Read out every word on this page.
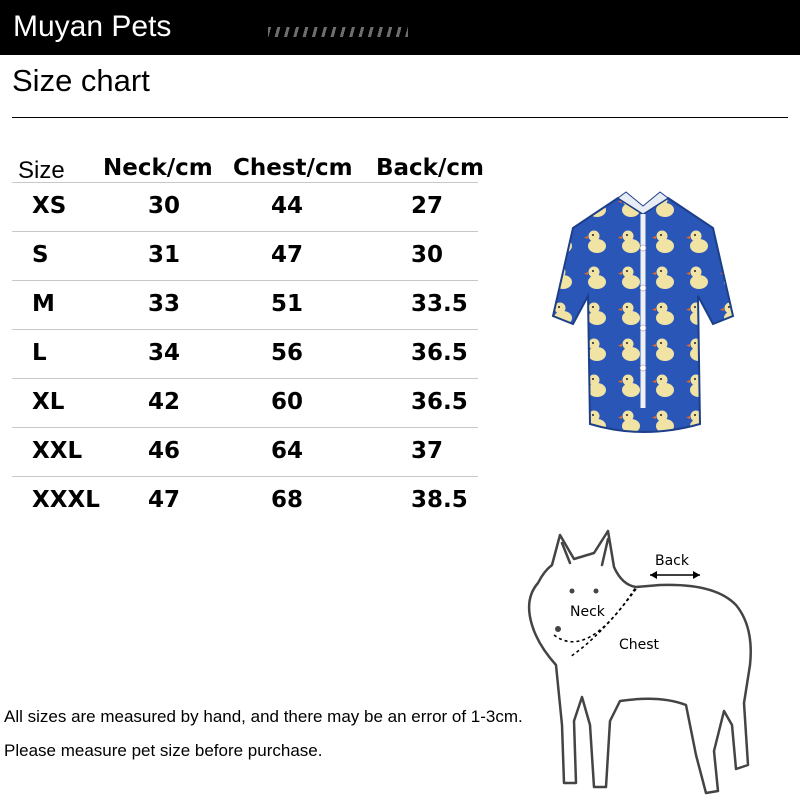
Muyan Pets
Size chart
Size Neck/cm Chest/cm Back/cm
XS	30	44	27
S	31	47	30
M	33	51	33.5
L	34	56	36.5
XL	42	60	36.5
XXL	46	64	37
XXXL 47	68	38.5
Back
Neck
Chest
All sizes are measured by hand, and there may be an error of 1-3cm.
Please measure pet size before purchase.
